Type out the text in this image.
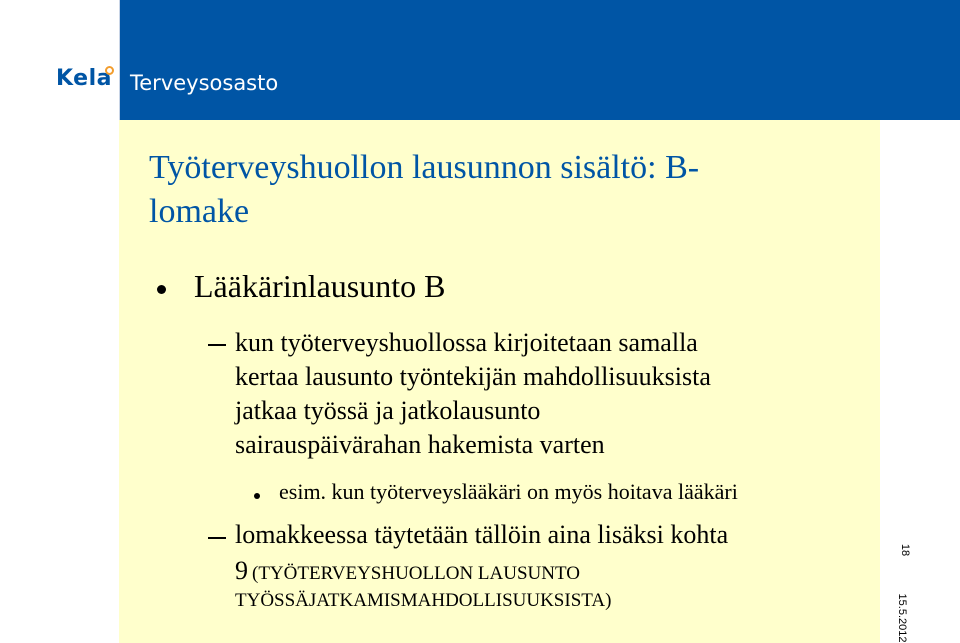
Kela Terveysosasto
Työterveyshuollon lausunnon sisältö: B-
lomake
Lääkärinlausunto B
kun työterveyshuollossa kirjoitetaan samalla
kertaa lausunto työntekijän mahdollisuuksista
jatkaa työssä ja jatkolausunto
sairauspäivärahan hakemista varten
esim. kun työterveyslääkäri on myös hoitava lääkäri
lomakkeessa täytetään tällöin aina lisäksi kohta
9 (TYÖTERVEYSHUOLLON LAUSUNTO
TYÖSSÄJATKAMISMAHDOLLISUUKSISTA)
18
15.5.2012
